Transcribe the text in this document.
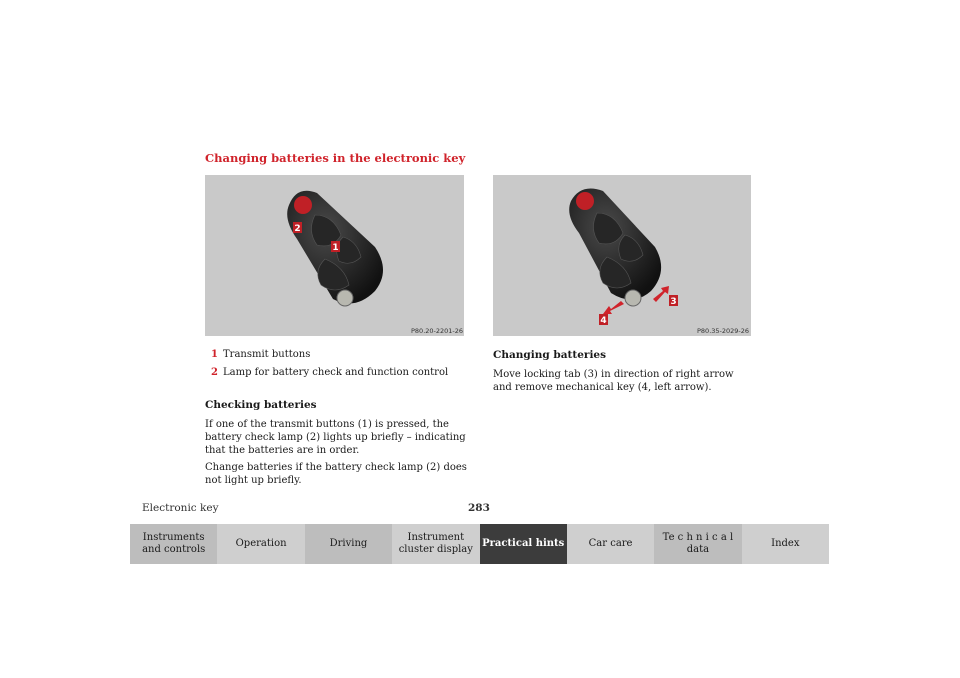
Changing batteries in the electronic key
2
1
P80.20-2201-26
3
4
P80.35-2029-26
1 Transmit buttons
2 Lamp for battery check and function control
Checking batteries
If one of the transmit buttons (1) is pressed, the battery check lamp (2) lights up briefly – indicating that the batteries are in order.
Change batteries if the battery check lamp (2) does not light up briefly.
Changing batteries
Move locking tab (3) in direction of right arrow and remove mechanical key (4, left arrow).
Electronic key	283
Instruments
and controls
Operation	Driving
Instrument
cluster display
Practical hints	Car care
Te c h n i c a l
data
Index
